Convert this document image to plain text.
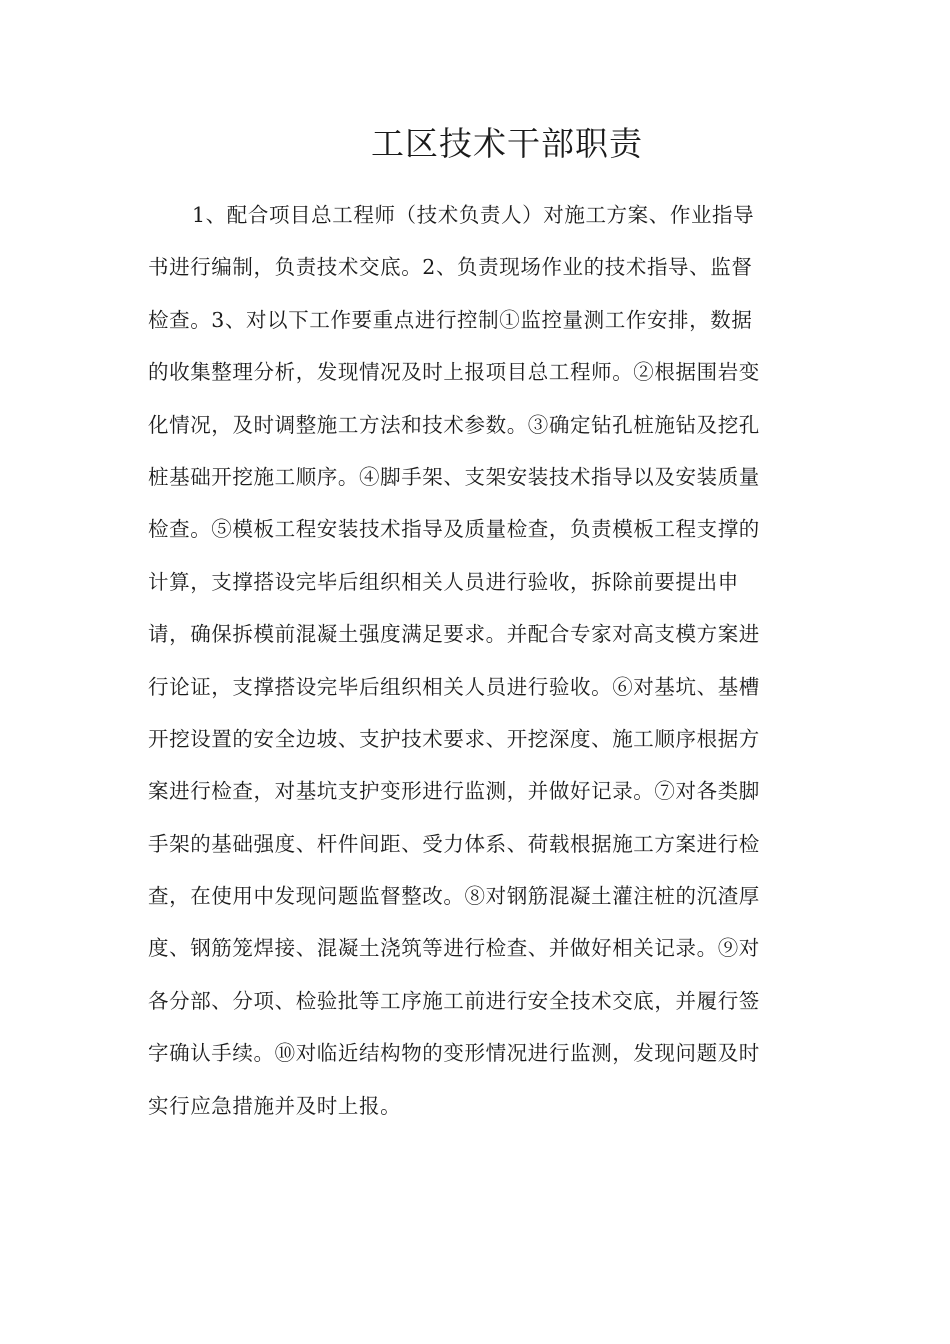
工区技术干部职责
1、配合项目总工程师（技术负责人）对施工方案、作业指导
书进行编制，负责技术交底。2、负责现场作业的技术指导、监督
检查。3、对以下工作要重点进行控制①监控量测工作安排，数据
的收集整理分析，发现情况及时上报项目总工程师。②根据围岩变
化情况，及时调整施工方法和技术参数。③确定钻孔桩施钻及挖孔
桩基础开挖施工顺序。④脚手架、支架安装技术指导以及安装质量
检查。⑤模板工程安装技术指导及质量检查，负责模板工程支撑的
计算，支撑搭设完毕后组织相关人员进行验收，拆除前要提出申
请，确保拆模前混凝土强度满足要求。并配合专家对高支模方案进
行论证，支撑搭设完毕后组织相关人员进行验收。⑥对基坑、基槽
开挖设置的安全边坡、支护技术要求、开挖深度、施工顺序根据方
案进行检查，对基坑支护变形进行监测，并做好记录。⑦对各类脚
手架的基础强度、杆件间距、受力体系、荷载根据施工方案进行检
查，在使用中发现问题监督整改。⑧对钢筋混凝土灌注桩的沉渣厚
度、钢筋笼焊接、混凝土浇筑等进行检查、并做好相关记录。⑨对
各分部、分项、检验批等工序施工前进行安全技术交底，并履行签
字确认手续。⑩对临近结构物的变形情况进行监测，发现问题及时
实行应急措施并及时上报。
